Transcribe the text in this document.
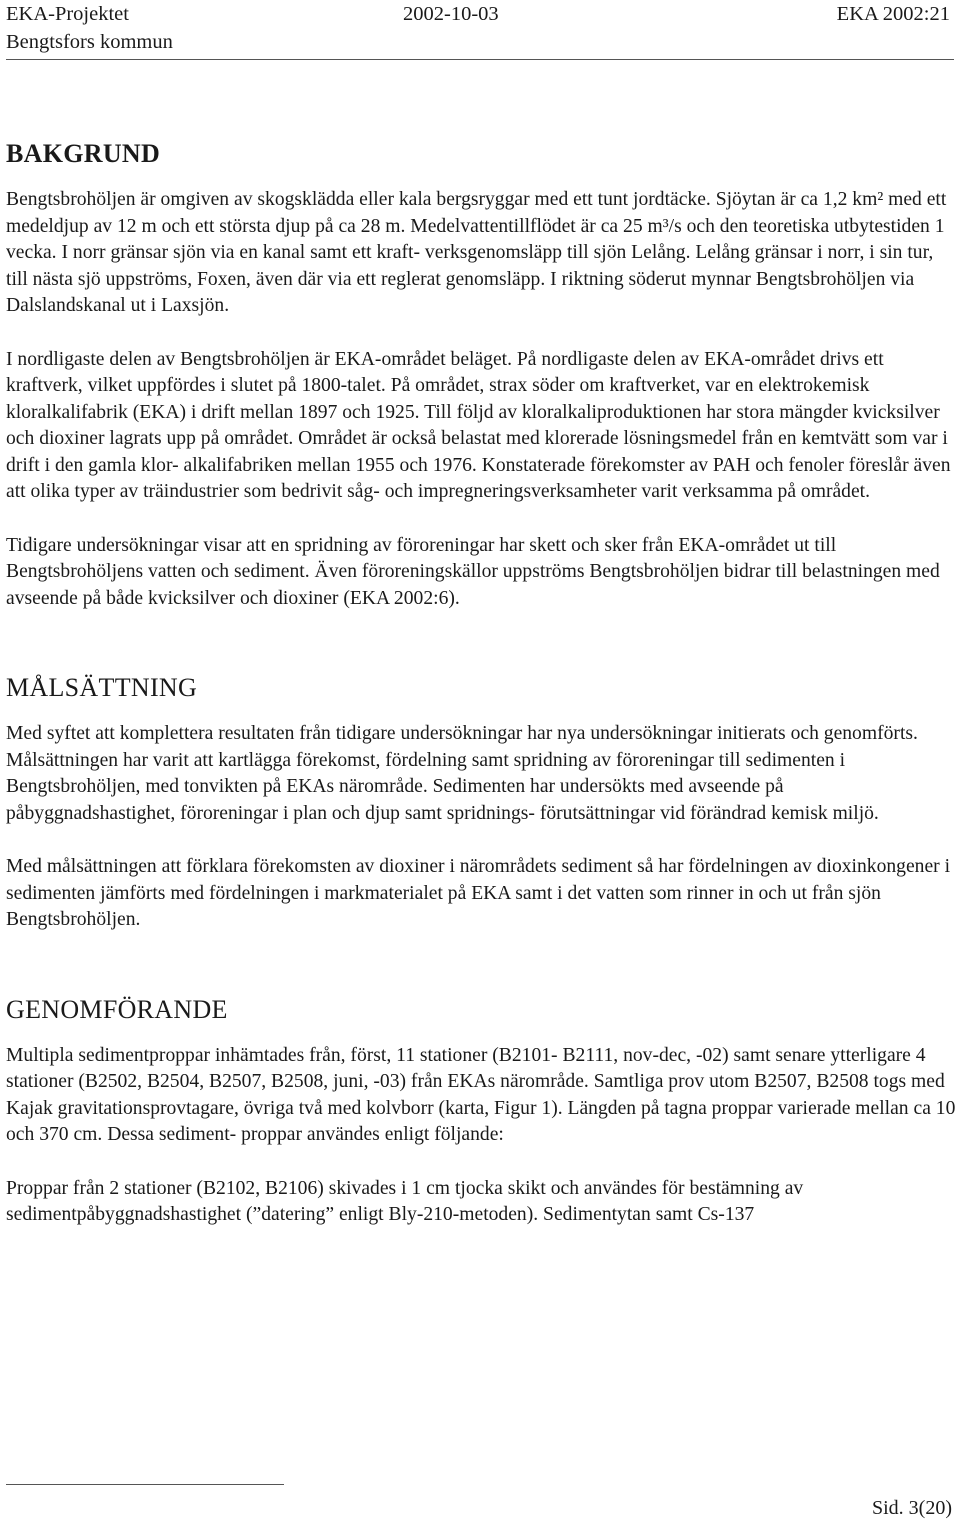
EKA-Projektet	2002-10-03	EKA 2002:21
Bengtsfors kommun
BAKGRUND

Bengtsbrohöljen är omgiven av skogsklädda eller kala bergsryggar med ett tunt jordtäcke. Sjöytan är ca 1,2 km² med ett medeldjup av 12 m och ett största djup på ca 28 m. Medelvattentillflödet är ca 25 m³/s och den teoretiska utbytestiden 1 vecka. I norr gränsar sjön via en kanal samt ett kraft- verksgenomsläpp till sjön Lelång. Lelång gränsar i norr, i sin tur, till nästa sjö uppströms, Foxen, även där via ett reglerat genomsläpp. I riktning söderut mynnar Bengtsbrohöljen via Dalslandskanal ut i Laxsjön.

I nordligaste delen av Bengtsbrohöljen är EKA-området beläget. På nordligaste delen av EKA-området drivs ett kraftverk, vilket uppfördes i slutet på 1800-talet. På området, strax söder om kraftverket, var en elektrokemisk kloralkalifabrik (EKA) i drift mellan 1897 och 1925. Till följd av kloralkaliproduktionen har stora mängder kvicksilver och dioxiner lagrats upp på området. Området är också belastat med klorerade lösningsmedel från en kemtvätt som var i drift i den gamla klor- alkalifabriken mellan 1955 och 1976. Konstaterade förekomster av PAH och fenoler föreslår även att olika typer av träindustrier som bedrivit såg- och impregneringsverksamheter varit verksamma på området.

Tidigare undersökningar visar att en spridning av föroreningar har skett och sker från EKA-området ut till Bengtsbrohöljens vatten och sediment. Även föroreningskällor uppströms Bengtsbrohöljen bidrar till belastningen med avseende på både kvicksilver och dioxiner (EKA 2002:6).

MÅLSÄTTNING

Med syftet att komplettera resultaten från tidigare undersökningar har nya undersökningar initierats och genomförts. Målsättningen har varit att kartlägga förekomst, fördelning samt spridning av föroreningar till sedimenten i Bengtsbrohöljen, med tonvikten på EKAs närområde. Sedimenten har undersökts med avseende på påbyggnadshastighet, föroreningar i plan och djup samt spridnings- förutsättningar vid förändrad kemisk miljö.

Med målsättningen att förklara förekomsten av dioxiner i närområdets sediment så har fördelningen av dioxinkongener i sedimenten jämförts med fördelningen i markmaterialet på EKA samt i det vatten som rinner in och ut från sjön Bengtsbrohöljen.

GENOMFÖRANDE

Multipla sedimentproppar inhämtades från, först, 11 stationer (B2101- B2111, nov-dec, -02) samt senare ytterligare 4 stationer (B2502, B2504, B2507, B2508, juni, -03) från EKAs närområde. Samtliga prov utom B2507, B2508 togs med Kajak gravitationsprovtagare, övriga två med kolvborr (karta, Figur 1). Längden på tagna proppar varierade mellan ca 10 och 370 cm. Dessa sediment- proppar användes enligt följande:

Proppar från 2 stationer (B2102, B2106) skivades i 1 cm tjocka skikt och användes för bestämning av sedimentpåbyggnadshastighet (”datering” enligt Bly-210-metoden). Sedimentytan samt Cs-137

Sid. 3(20)
